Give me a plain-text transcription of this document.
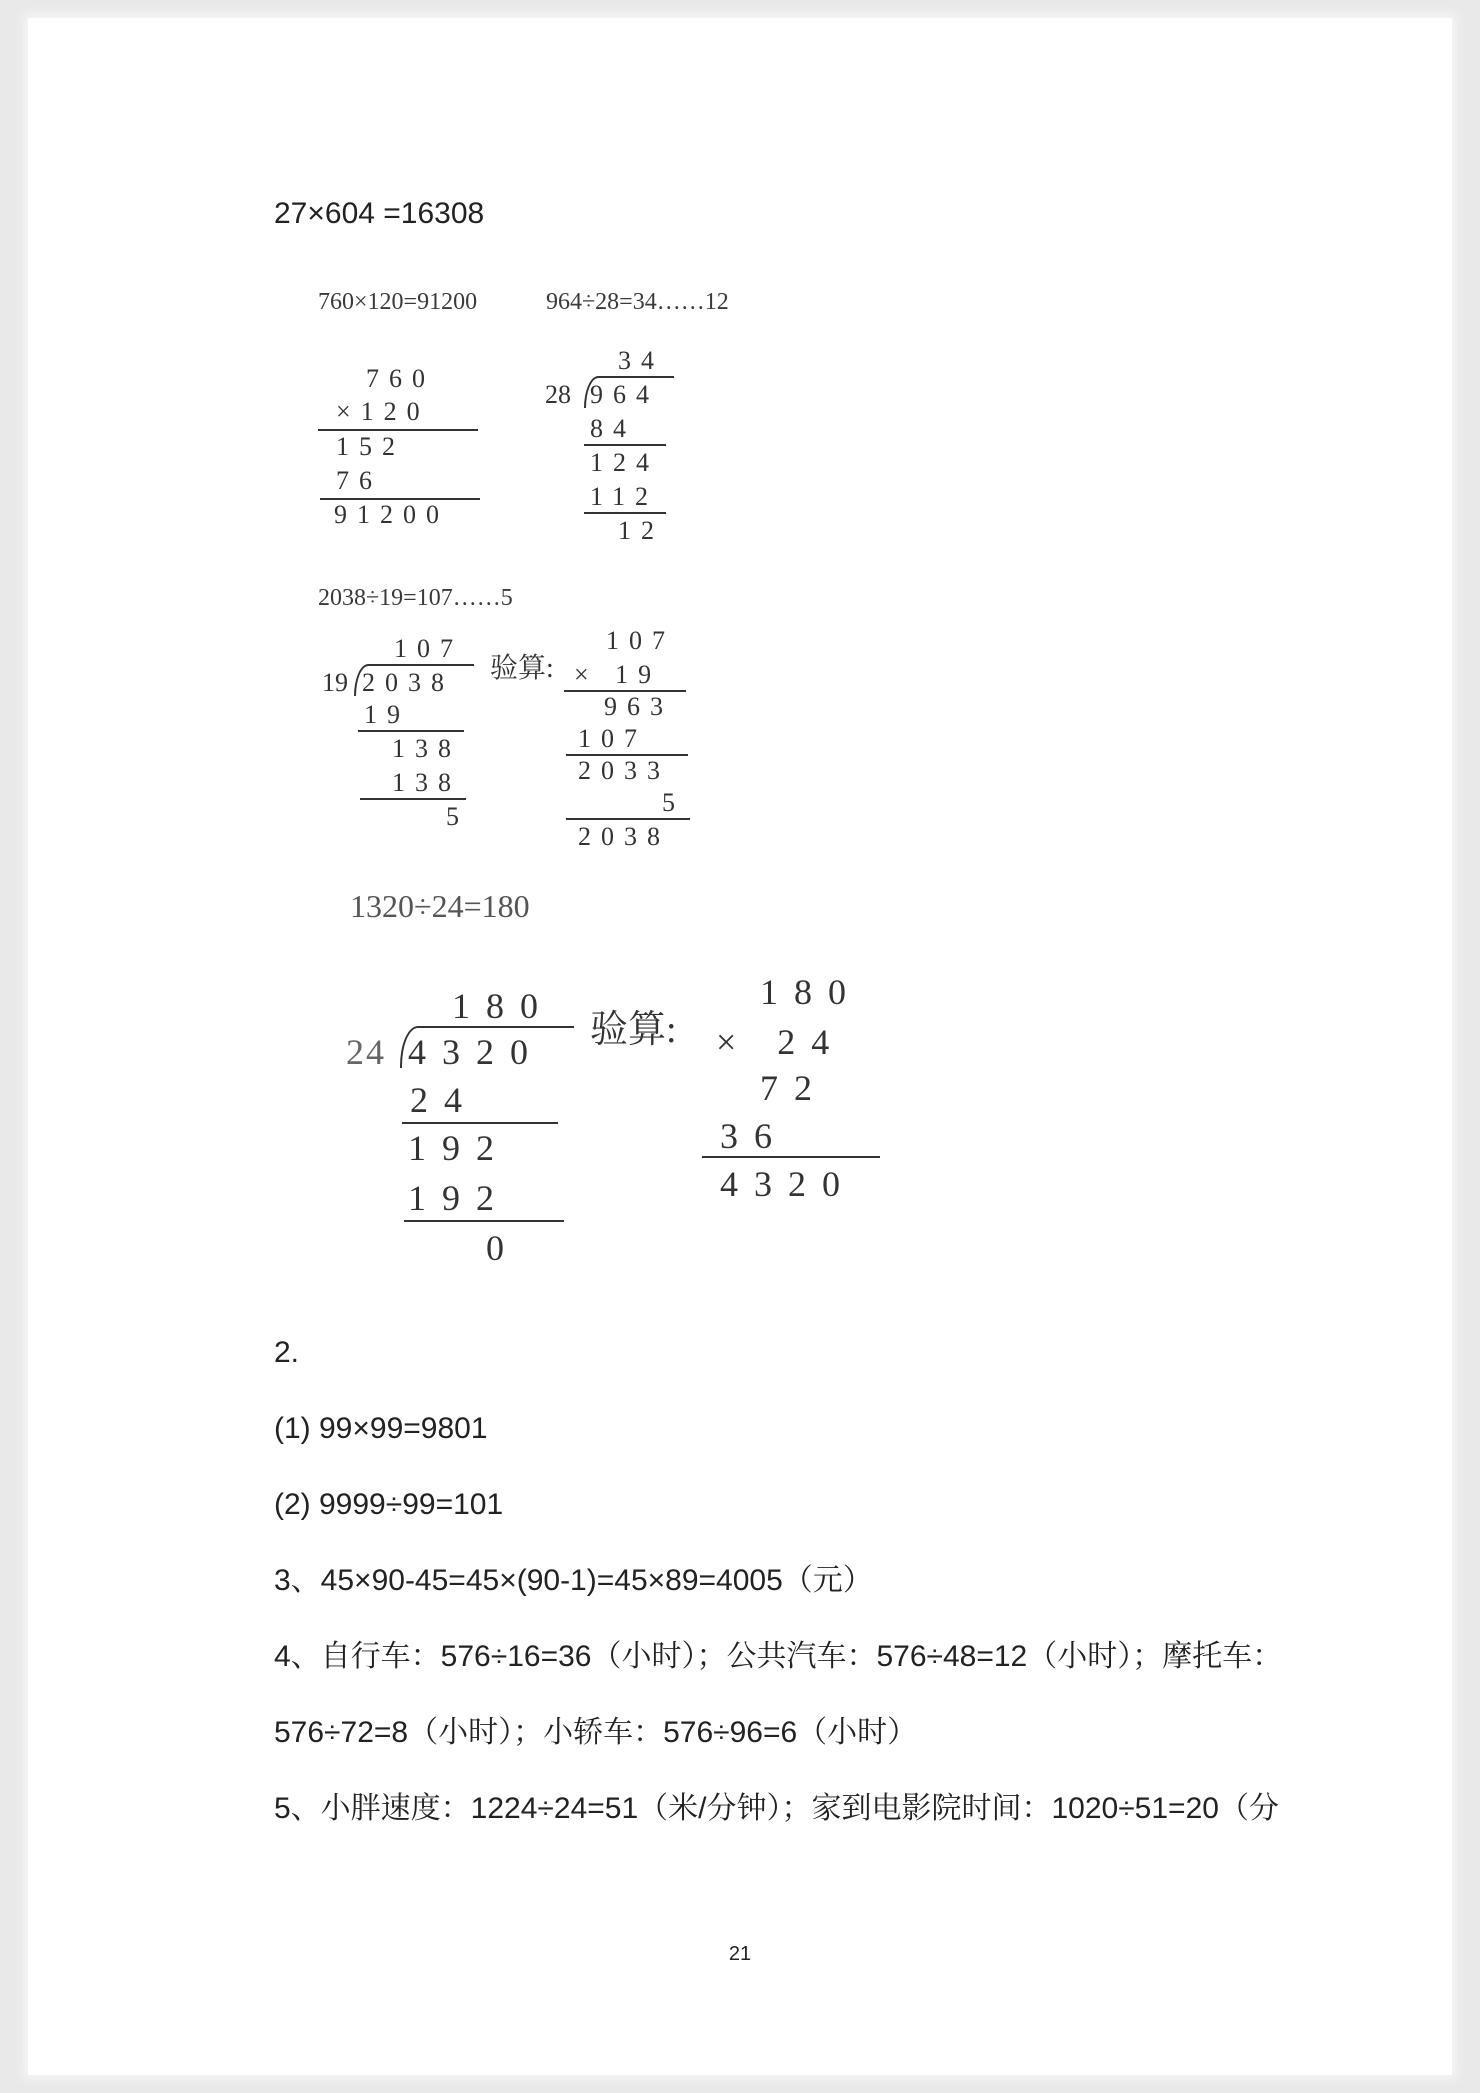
27×604 =16308
760×120=91200	964÷28=34……12
760
×120
152
76
91200
34
28 964
84
124
112
12
2038÷19=107……5
107
19 2038
19
138
138
5
验算:
107
× 19
963
107
2033
5
2038
1320÷24=180
180
24 4320
24
192
192
0
验算:
180
× 24
72
36
4320
2.
(1) 99×99=9801
(2) 9999÷99=101
3、45×90-45=45×(90-1)=45×89=4005（元）
4、自行车：576÷16=36（小时）；公共汽车：576÷48=12（小时）；摩托车：
576÷72=8（小时）；小轿车：576÷96=6（小时）
5、小胖速度：1224÷24=51（米/分钟）；家到电影院时间：1020÷51=20（分
21
